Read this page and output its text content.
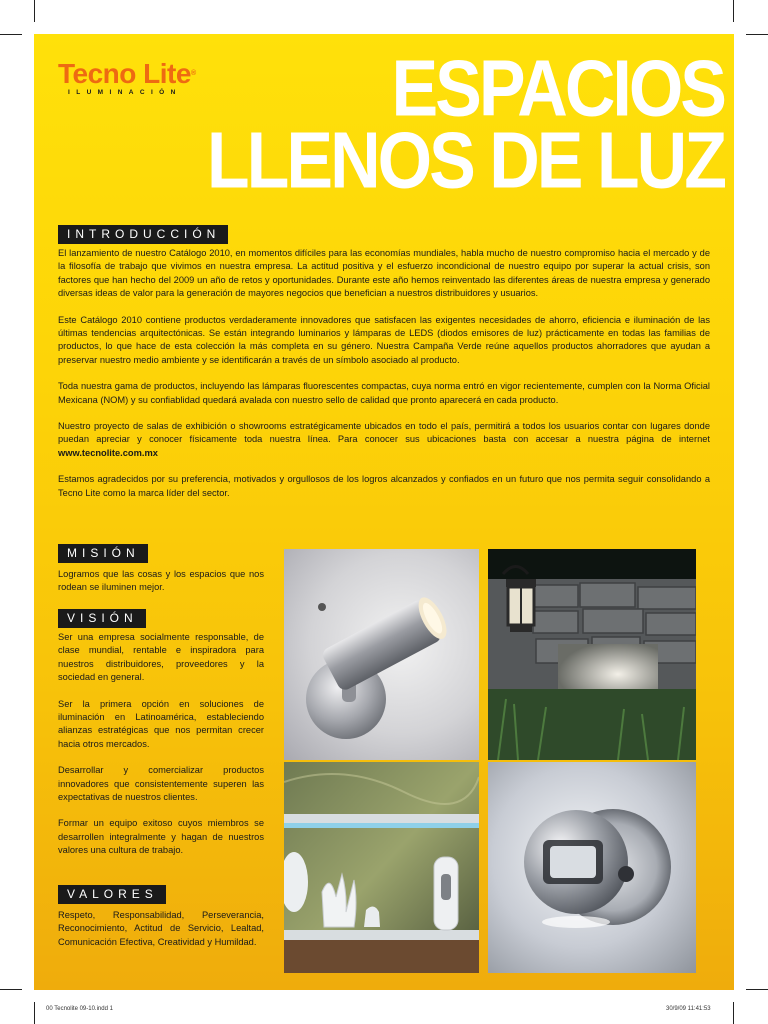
Tecno Lite®
ILUMINACIÓN	ESPACIOS
LLENOS DE LUZ
INTRODUCCIÓN

El lanzamiento de nuestro Catálogo 2010, en momentos difíciles para las economías mundiales, habla mucho de nuestro compromiso hacia el mercado y de la filosofía de trabajo que vivimos en nuestra empresa. La actitud positiva y el esfuerzo incondicional de nuestro equipo por superar la actual crisis, son factores que han hecho del 2009 un año de retos y oportunidades. Durante este año hemos reinventado las diferentes áreas de nuestra empresa y generado diversas ideas de valor para la generación de mayores negocios que benefician a nuestros distribuidores y usuarios.

Este Catálogo 2010 contiene productos verdaderamente innovadores que satisfacen las exigentes necesidades de ahorro, eficiencia e iluminación de las últimas tendencias arquitectónicas. Se están integrando luminarios y lámparas de LEDS (diodos emisores de luz) prácticamente en todas las familias de productos, lo que hace de esta colección la más completa en su género. Nuestra Campaña Verde reúne aquellos productos ahorradores que ayudan a preservar nuestro medio ambiente y se identificarán a través de un símbolo asociado al producto.

Toda nuestra gama de productos, incluyendo las lámparas fluorescentes compactas, cuya norma entró en vigor recientemente, cumplen con la Norma Oficial Mexicana (NOM) y su confiablidad quedará avalada con nuestro sello de calidad que pronto aparecerá en cada producto.

Nuestro proyecto de salas de exhibición o showrooms estratégicamente ubicados en todo el país, permitirá a todos los usuarios contar con lugares donde puedan apreciar y conocer físicamente toda nuestra línea. Para conocer sus ubicaciones basta con accesar a nuestra página de internet www.tecnolite.com.mx

Estamos agradecidos por su preferencia, motivados y orgullosos de los logros alcanzados y confiados en un futuro que nos permita seguir consolidando a Tecno Lite como la marca líder del sector.

MISIÓN

Logramos que las cosas y los espacios que nos rodean se iluminen mejor.

VISIÓN

Ser una empresa socialmente responsable, de clase mundial, rentable e inspiradora para nuestros distribuidores, proveedores y la sociedad en general.

Ser la primera opción en soluciones de iluminación en Latinoamérica, estableciendo alianzas estratégicas que nos permitan crecer hacia otros mercados.

Desarrollar y comercializar productos innovadores que consistentemente superen las expectativas de nuestros clientes.

Formar un equipo exitoso cuyos miembros se desarrollen integralmente y hagan de nuestros valores una cultura de trabajo.

VALORES

Respeto, Responsabilidad, Perseverancia, Reconocimiento, Actitud de Servicio, Lealtad, Comunicación Efectiva, Creatividad y Humildad.

00 Tecnolite 09-10.indd 1	30/9/09 11:41:53
